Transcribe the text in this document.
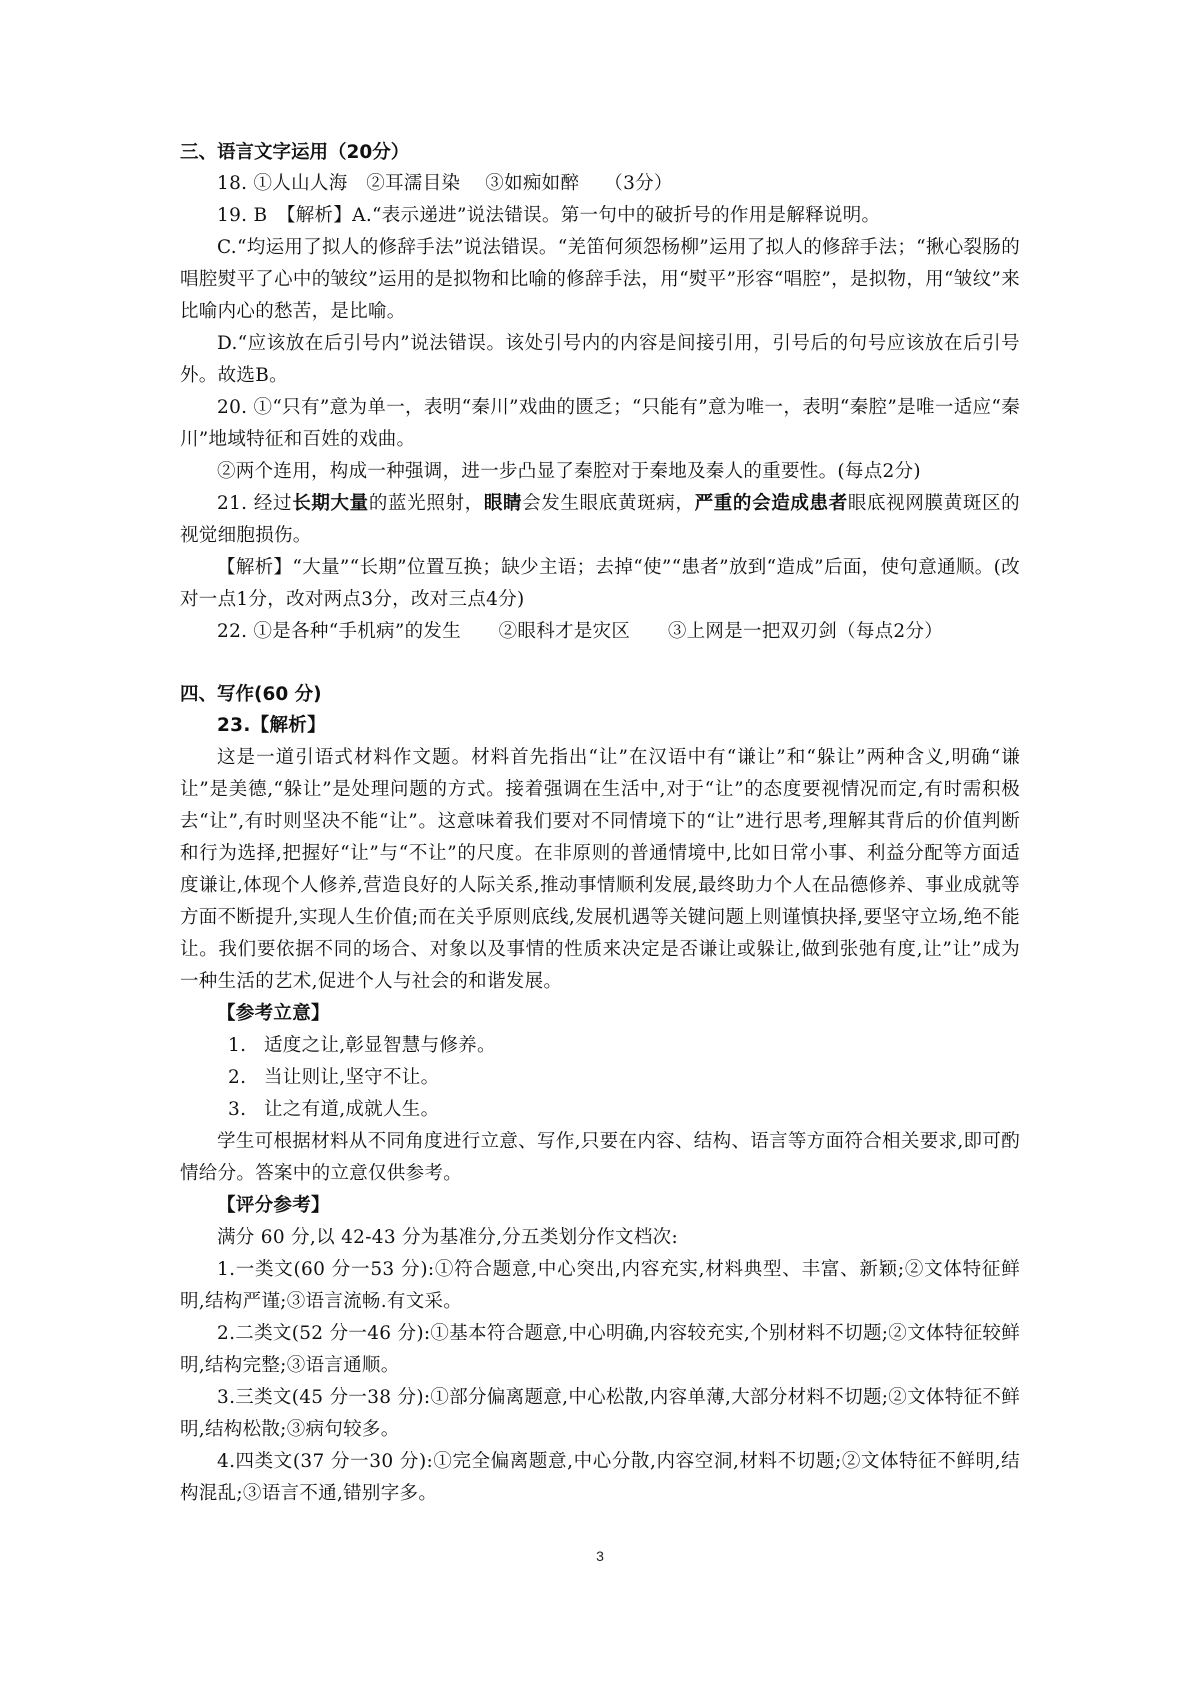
三、语言文字运用（20分）

18. ①人山人海　②耳濡目染　 ③如痴如醉　 （3分）

19. B　【解析】A.“表示递进”说法错误。第一句中的破折号的作用是解释说明。

C.“均运用了拟人的修辞手法”说法错误。“羌笛何须怨杨柳”运用了拟人的修辞手法；“揪心裂肠的唱腔熨平了心中的皱纹”运用的是拟物和比喻的修辞手法，用“熨平”形容“唱腔”，是拟物，用“皱纹”来比喻内心的愁苦，是比喻。

D.“应该放在后引号内”说法错误。该处引号内的内容是间接引用，引号后的句号应该放在后引号外。故选B。

20. ①“只有”意为单一，表明“秦川”戏曲的匮乏；“只能有”意为唯一，表明“秦腔”是唯一适应“秦川”地域特征和百姓的戏曲。

②两个连用，构成一种强调，进一步凸显了秦腔对于秦地及秦人的重要性。(每点2分)

21. 经过长期大量的蓝光照射，眼睛会发生眼底黄斑病，严重的会造成患者眼底视网膜黄斑区的视觉细胞损伤。

【解析】“大量”“长期”位置互换；缺少主语；去掉“使”“患者”放到“造成”后面，使句意通顺。(改对一点1分，改对两点3分，改对三点4分)

22. ①是各种“手机病”的发生　　②眼科才是灾区　　③上网是一把双刃剑（每点2分）

四、写作(60 分)

23.【解析】

这是一道引语式材料作文题。材料首先指出“让”在汉语中有“谦让”和“躲让”两种含义,明确“谦让”是美德,“躲让”是处理问题的方式。接着强调在生活中,对于“让”的态度要视情况而定,有时需积极去“让”,有时则坚决不能“让”。这意味着我们要对不同情境下的“让”进行思考,理解其背后的价值判断和行为选择,把握好“让”与“不让”的尺度。在非原则的普通情境中,比如日常小事、利益分配等方面适度谦让,体现个人修养,营造良好的人际关系,推动事情顺利发展,最终助力个人在品德修养、事业成就等方面不断提升,实现人生价值;而在关乎原则底线,发展机遇等关键问题上则谨慎抉择,要坚守立场,绝不能让。我们要依据不同的场合、对象以及事情的性质来决定是否谦让或躲让,做到张弛有度,让”让”成为一种生活的艺术,促进个人与社会的和谐发展。

【参考立意】

1. 适度之让,彰显智慧与修养。

2. 当让则让,坚守不让。

3. 让之有道,成就人生。

学生可根据材料从不同角度进行立意、写作,只要在内容、结构、语言等方面符合相关要求,即可酌情给分。答案中的立意仅供参考。

【评分参考】

满分 60 分,以 42-43 分为基准分,分五类划分作文档次:

1.一类文(60 分一53 分):①符合题意,中心突出,内容充实,材料典型、丰富、新颖;②文体特征鲜明,结构严谨;③语言流畅.有文采。

2.二类文(52 分一46 分):①基本符合题意,中心明确,内容较充实,个别材料不切题;②文体特征较鲜明,结构完整;③语言通顺。

3.三类文(45 分一38 分):①部分偏离题意,中心松散,内容单薄,大部分材料不切题;②文体特征不鲜明,结构松散;③病句较多。

4.四类文(37 分一30 分):①完全偏离题意,中心分散,内容空洞,材料不切题;②文体特征不鲜明,结构混乱;③语言不通,错别字多。

3
